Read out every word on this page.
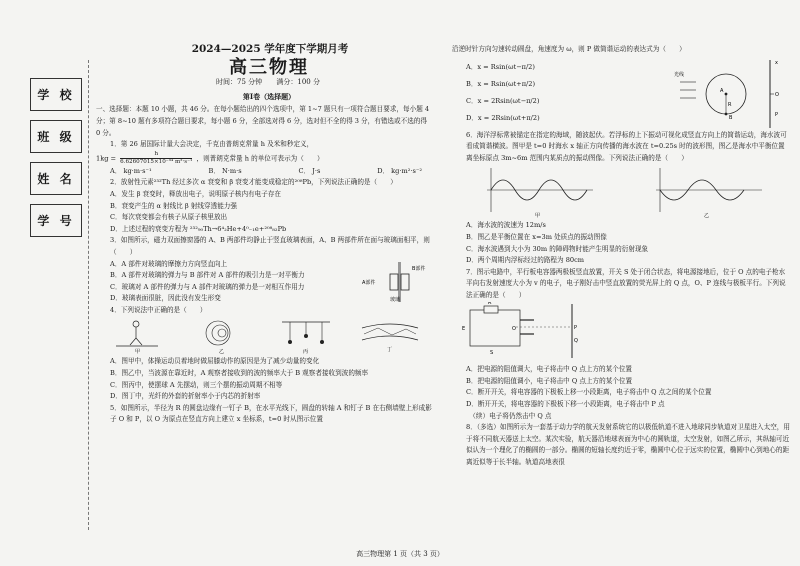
学 校
班 级
姓 名
学 号
2024—2025 学年度下学期月考
高三物理
时间：75 分钟 满分：100 分
第Ⅰ卷（选择题）

一、选择题：本题 10 小题，共 46 分。在每小题给出的四个选项中，第 1~7 题只有一项符合题目要求，每小题 4 分；第 8~10 题有多项符合题目要求，每小题 6 分，全部选对得 6 分，选对但不全的得 3 分，有错选或不选的得 0 分。

1．第 26 届国际计量大会决定，千克由普朗克常量 h 及米和秒定义，

$1kg = \frac{h}{\text{6.62607015×10⁻³⁴ m²·s⁻¹}}$ ，则普朗克常量 h 的单位可表示为（　　）

A． kg·m·s⁻¹	B． N·m·s	C． J·s	D． kg·m²·s⁻²

2．放射性元素²³²Th 经过多次 α 衰变和 β 衰变才能变成稳定的²⁰⁸Pb，下列说法正确的是（　　）

A．发生 β 衰变时，释放出电子，说明原子核内有电子存在

B．衰变产生的 α 射线比 β 射线穿透能力强

C．每次衰变都会有核子从原子核里放出

D．上述过程的衰变方程为 ²³²₉₀Th→6⁴₂He+4⁰₋₁e+²⁰⁸₈₂Pb

3．如图所示，磁力双面擦窗器的 A、B 两部件均静止于竖直玻璃表面，A、B 两部件所在面与玻璃面相平，则（　　）

A．A 部件对玻璃的摩擦力方向竖直向上

B．A 部件对玻璃的弹力与 B 部件对 A 部件的吸引力是一对平衡力

C．玻璃对 A 部件的弹力与 A 部件对玻璃的弹力是一对相互作用力

D．玻璃表面很脏，因此没有发生形变

A部件
B部件
玻璃

4．下列说法中正确的是（　　）

甲	乙	丙	丁

A．图甲中，体操运动员着地时做屈膝动作的原因是为了减少动量的变化

B．图乙中，当波源在靠近时，A 观察者接收到的波的频率大于 B 观察者接收到波的频率

C．图丙中，使摆球 A 先摆动，则三个摆的振动周期不相等

D．图丁中，光纤的外套的折射率小于内芯的折射率

5．如图所示，半径为 R 的圆盘边缘有一钉子 B，在水平光线下，圆盘的转轴 A 和钉子 B 在右侧墙壁上形成影子 O 和 P，以 O 为原点在竖直方向上建立 x 坐标系，t=0 时从图示位置

沿逆时针方向匀速转动圆盘，角速度为 ω，则 P 做简谐运动的表达式为（　　）

A．x = Rsin(ωt−π/2)

B．x = Rsin(ωt+π/2)

C．x = 2Rsin(ωt−π/2)

D．x = 2Rsin(ωt+π/2)

光线
A
R
B
O
P
x

6．海洋浮标常被锚定在指定的海域，随波起伏。若浮标的上下振动可视化成竖直方向上的简谐运动，海水波可看成简谐横波。图甲是 t=0 时海水 x 轴正方向传播的海水波在 t=0.25s 时的波形图，图乙是海水中平衡位置离坐标原点 3m~6m 范围内某质点的振动图像。下列说法正确的是（　　）

甲	乙

A．海水波的波速为 12m/s

B．图乙是平衡位置在 x=3m 处质点的振动图像

C．海水波遇到大小为 30m 的障碍物时能产生明显的衍射现象

D．两个周期内浮标经过的路程为 80cm

7．图示电路中，平行板电容器两极板竖直放置，开关 S 处于闭合状态，将电源接地后，位于 O 点的电子枪水平向右发射速度大小为 v 的电子，电子刚好击中竖直放置的荧光屏上的 Q 点，O、P 连线与极板平行。下列说法正确的是（　　）

R
E
S
O	P
Q

A．把电源的阻值调大，电子将击中 Q 点上方的某个位置

B．把电源的阻值调小，电子将击中 Q 点上方的某个位置

C．断开开关，将电容器的下极板上移一小段距离，电子将击中 Q 点之间的某个位置

D．断开开关，将电容器的下极板下移一小段距离，电子将击中 P 点

　（续）电子将仍然击中 Q 点

8．（多选）如图所示为一套基于动力学的航天发射系统它的以极低轨道不进入地球同步轨道对卫星进入太空，用于将不同航天器送上太空。某次实验，航天器沿地球表面为中心的圆轨道，太空发射，如图乙所示，其纵轴可近似认为一个理化了的椭圆的一部分。椭圆的短轴长度约近于零，椭圆中心位于远实的位置，椭圆中心到地心的距离近似等于长半轴。轨道高地表很

高三物理第 1 页（共 3 页）
